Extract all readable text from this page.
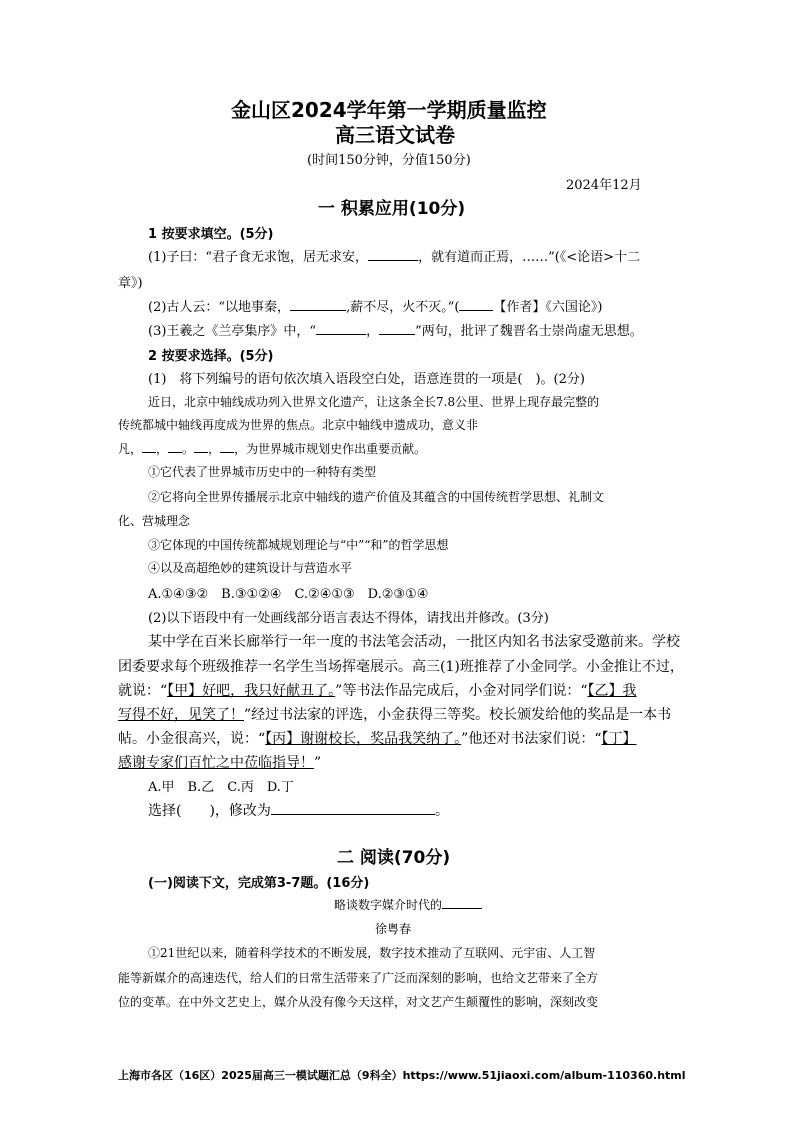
金山区2024学年第一学期质量监控
高三语文试卷
(时间150分钟，分值150分)
2024年12月
一 积累应用(10分)
1 按要求填空。(5分)
(1)子曰：“君子食无求饱，居无求安，	，就有道而正焉，……”(《<论语>十二
章》)
(2)古人云：“以地事秦，	,薪不尽，火不灭。”(	【作者】《六国论》)
(3)王羲之《兰亭集序》中，“	，	”两句，批评了魏晋名士崇尚虚无思想。
2 按要求选择。(5分)
(1)　将下列编号的语句依次填入语段空白处，语意连贯的一项是(　)。(2分)
近日，北京中轴线成功列入世界文化遗产，让这条全长7.8公里、世界上现存最完整的
传统都城中轴线再度成为世界的焦点。北京中轴线申遗成功，意义非
凡， ， 。 ， ，为世界城市规划史作出重要贡献。
①它代表了世界城市历史中的一种特有类型
②它将向全世界传播展示北京中轴线的遗产价值及其蕴含的中国传统哲学思想、礼制文
化、营城理念
③它体现的中国传统都城规划理论与“中”“和”的哲学思想
④以及高超绝妙的建筑设计与营造水平
A.①④③②　B.③①②④　C.②④①③　D.②③①④
(2)以下语段中有一处画线部分语言表达不得体，请找出并修改。(3分)
某中学在百米长廊举行一年一度的书法笔会活动，一批区内知名书法家受邀前来。学校
团委要求每个班级推荐一名学生当场挥毫展示。高三(1)班推荐了小金同学。小金推让不过，
就说：“【甲】好吧，我只好献丑了。”等书法作品完成后，小金对同学们说：“【乙】我
写得不好，见笑了！”经过书法家的评选，小金获得三等奖。校长颁发给他的奖品是一本书
帖。小金很高兴，说：“【丙】谢谢校长，奖品我笑纳了。”他还对书法家们说：“【丁】
感谢专家们百忙之中莅临指导！”
A.甲　B.乙　C.丙　D.丁
选择(　　)，修改为	。
二 阅读(70分)
(一)阅读下文，完成第3-7题。(16分)
略谈数字媒介时代的
徐粤春
①21世纪以来，随着科学技术的不断发展，数字技术推动了互联网、元宇宙、人工智
能等新媒介的高速迭代，给人们的日常生活带来了广泛而深刻的影响，也给文艺带来了全方
位的变革。在中外文艺史上，媒介从没有像今天这样，对文艺产生颠覆性的影响，深刻改变
上海市各区（16区）2025届高三一模试题汇总（9科全）https://www.51jiaoxi.com/album-110360.html
